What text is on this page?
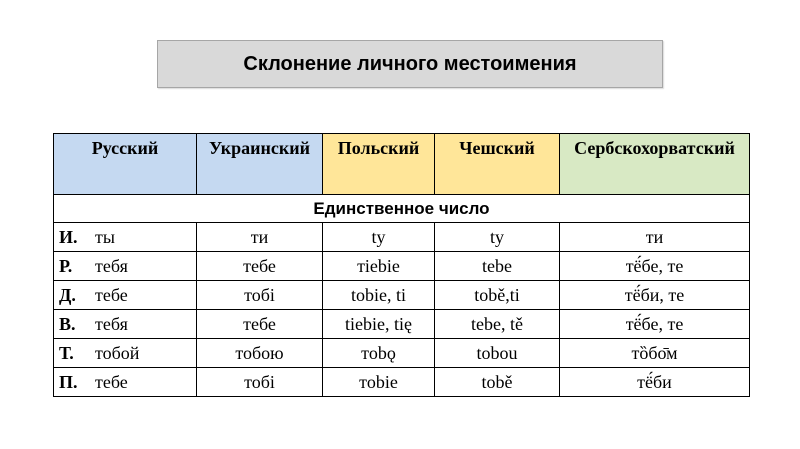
Склонение личного местоимения
Русский	Украинский	Польский	Чешский	Сербскохорватский
Единственное число				
И. ты	ти	ty	ty	ти
Р. тебя	тебе	тiebie	tebe	тё́бе, те
Д. тебе	тобі	tobie, ti	tobě,ti	тё́би, те
В. тебя	тебе	tiebie, tię	tebe, tě	тё́бе, те
Т. тобой	тобою	тobǫ	tobou	тȍбо̄м
П. тебе	тобі	тobie	tobě	тё́би
